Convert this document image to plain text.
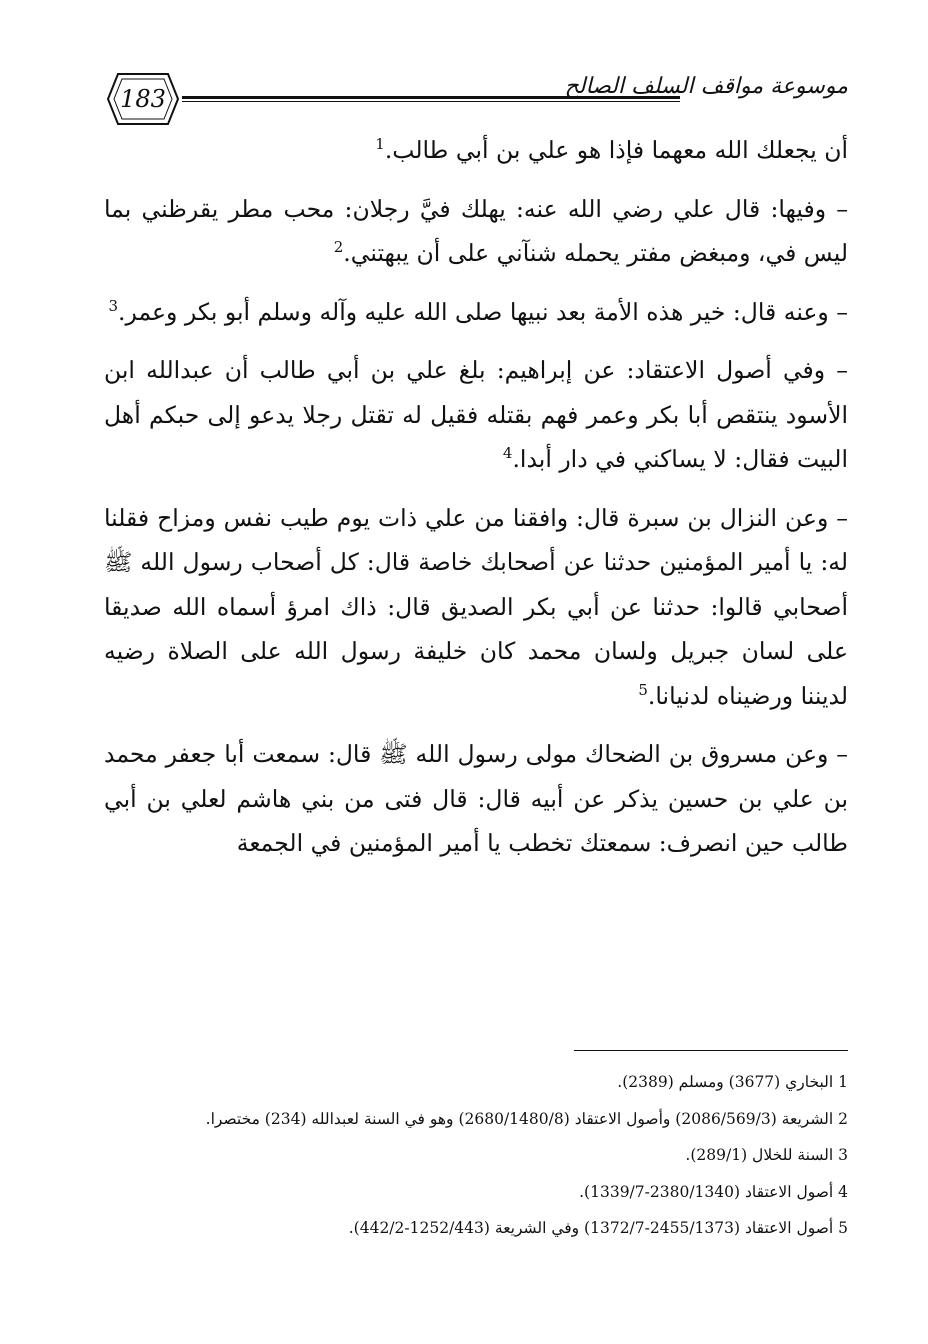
183	موسوعة مواقف السلف الصالح

أن يجعلك الله معهما فإذا هو علي بن أبي طالب.$^1$

– وفيها: قال علي رضي الله عنه: يهلك فيَّ رجلان: محب مطر يقرظني بما ليس في، ومبغض مفتر يحمله شنآني على أن يبهتني.$^2$

– وعنه قال: خير هذه الأمة بعد نبيها صلى الله عليه وآله وسلم أبو بكر وعمر.$^3$

– وفي أصول الاعتقاد: عن إبراهيم: بلغ علي بن أبي طالب أن عبدالله ابن الأسود ينتقص أبا بكر وعمر فهم بقتله فقيل له تقتل رجلا يدعو إلى حبكم أهل البيت فقال: لا يساكني في دار أبدا.$^4$

– وعن النزال بن سبرة قال: وافقنا من علي ذات يوم طيب نفس ومزاح فقلنا له: يا أمير المؤمنين حدثنا عن أصحابك خاصة قال: كل أصحاب رسول الله ﷺ أصحابي قالوا: حدثنا عن أبي بكر الصديق قال: ذاك امرؤ أسماه الله صديقا على لسان جبريل ولسان محمد كان خليفة رسول الله على الصلاة رضيه لديننا ورضيناه لدنيانا.$^5$

– وعن مسروق بن الضحاك مولى رسول الله ﷺ قال: سمعت أبا جعفر محمد بن علي بن حسين يذكر عن أبيه قال: قال فتى من بني هاشم لعلي بن أبي طالب حين انصرف: سمعتك تخطب يا أمير المؤمنين في الجمعة

1 البخاري (3677) ومسلم (2389).
2 الشريعة (2086/569/3) وأصول الاعتقاد (2680/1480/8) وهو في السنة لعبدالله (234) مختصرا.
3 السنة للخلال (289/1).
4 أصول الاعتقاد (2380/1340-1339/7).
5 أصول الاعتقاد (2455/1373-1372/7) وفي الشريعة (1252/443-442/2).
